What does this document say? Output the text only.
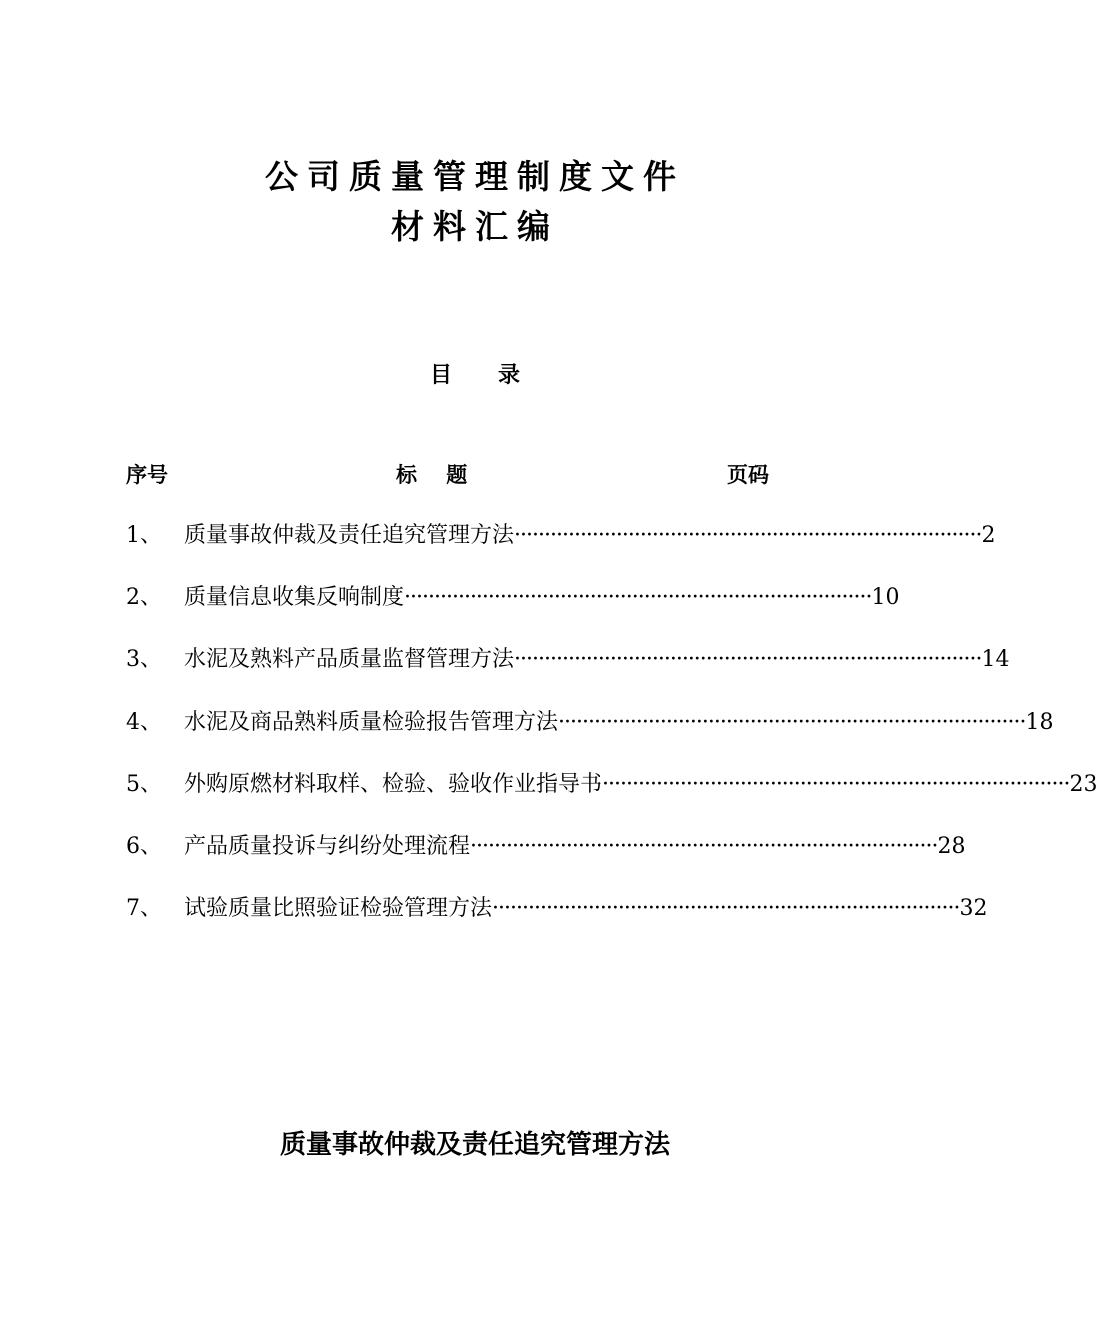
公司质量管理制度文件
材料汇编
目      录
序号	标    题	页码
1、	质量事故仲裁及责任追究管理方法 ·············································································· 2
2、	质量信息收集反响制度 ·············································································· 10
3、	水泥及熟料产品质量监督管理方法 ·············································································· 14
4、	水泥及商品熟料质量检验报告管理方法 ·············································································· 18
5、	外购原燃材料取样、检验、验收作业指导书 ·············································································· 23
6、	产品质量投诉与纠纷处理流程 ·············································································· 28
7、	试验质量比照验证检验管理方法 ·············································································· 32
质量事故仲裁及责任追究管理方法
